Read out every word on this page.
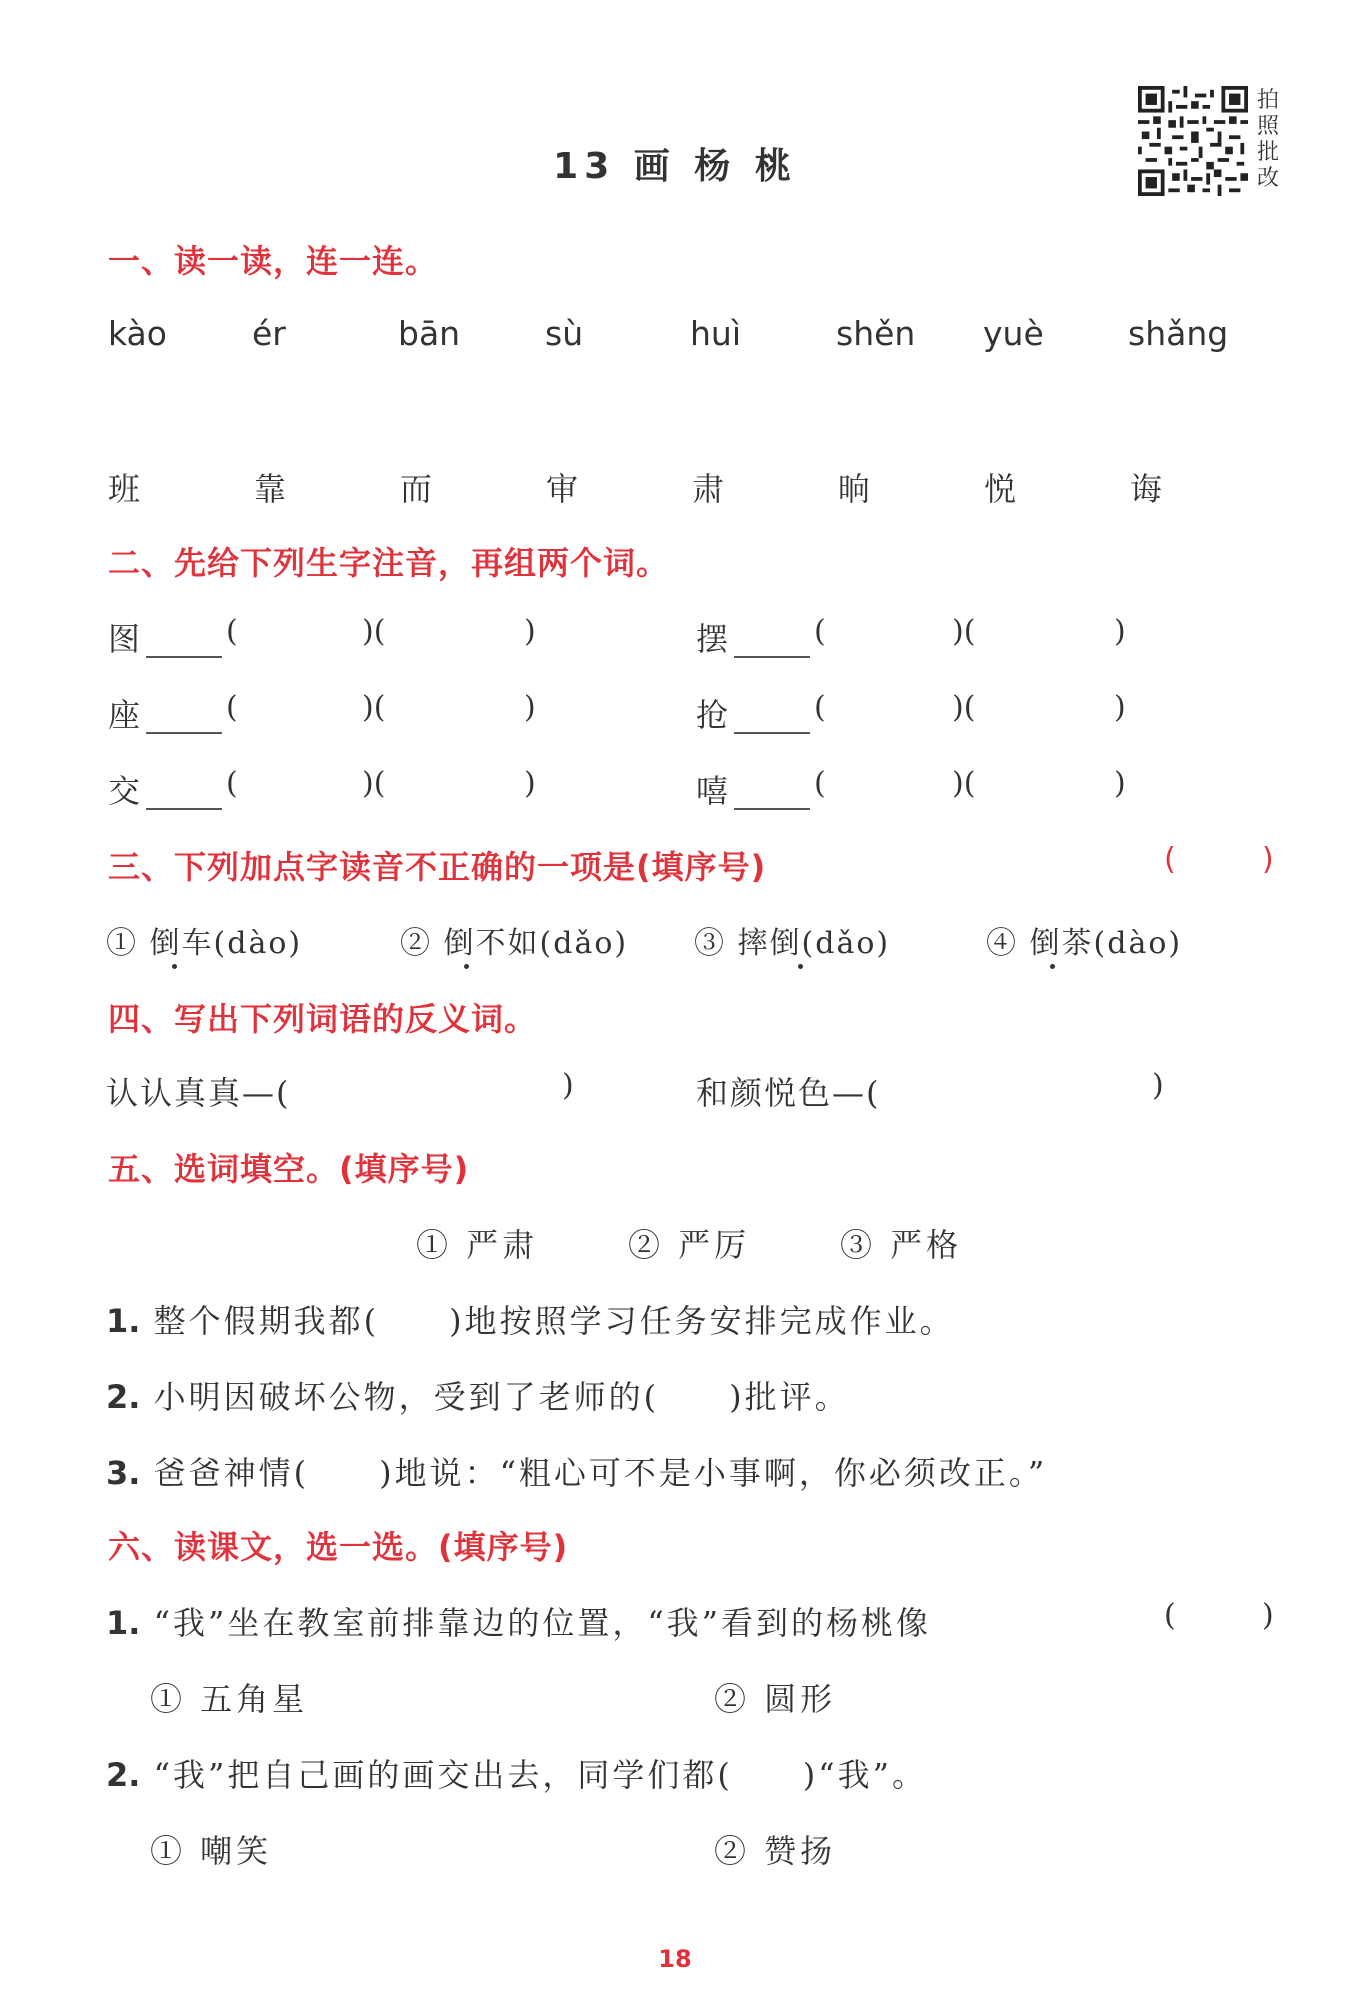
13 画 杨 桃
拍照批改
一、读一读，连一连。
kào	ér	bān	sù	huì	shěn yuè	shǎng
班	靠	而	审	肃	晌	悦	诲
二、先给下列生字注音，再组两个词。
图	(	)(	)	摆	(	)(	)
座	(	)(	)	抢	(	)(	)
交	(	)(	)	嘻	(	)(	)
三、下列加点字读音不正确的一项是(填序号)	(	)
① 倒车(dào)	② 倒不如(dǎo) ③ 摔倒(dǎo)	④ 倒茶(dào)
四、写出下列词语的反义词。
认认真真—(	)	和颜悦色—(	)
五、选词填空。(填序号)
① 严肃	② 严厉	③ 严格
1. 整个假期我都(　　)地按照学习任务安排完成作业。
2. 小明因破坏公物，受到了老师的(　　)批评。
3. 爸爸神情(　　)地说：“粗心可不是小事啊，你必须改正。”
六、读课文，选一选。(填序号)
1. “我”坐在教室前排靠边的位置，“我”看到的杨桃像	(	)
① 五角星	② 圆形
2. “我”把自己画的画交出去，同学们都(　　)“我”。
① 嘲笑	② 赞扬
18
